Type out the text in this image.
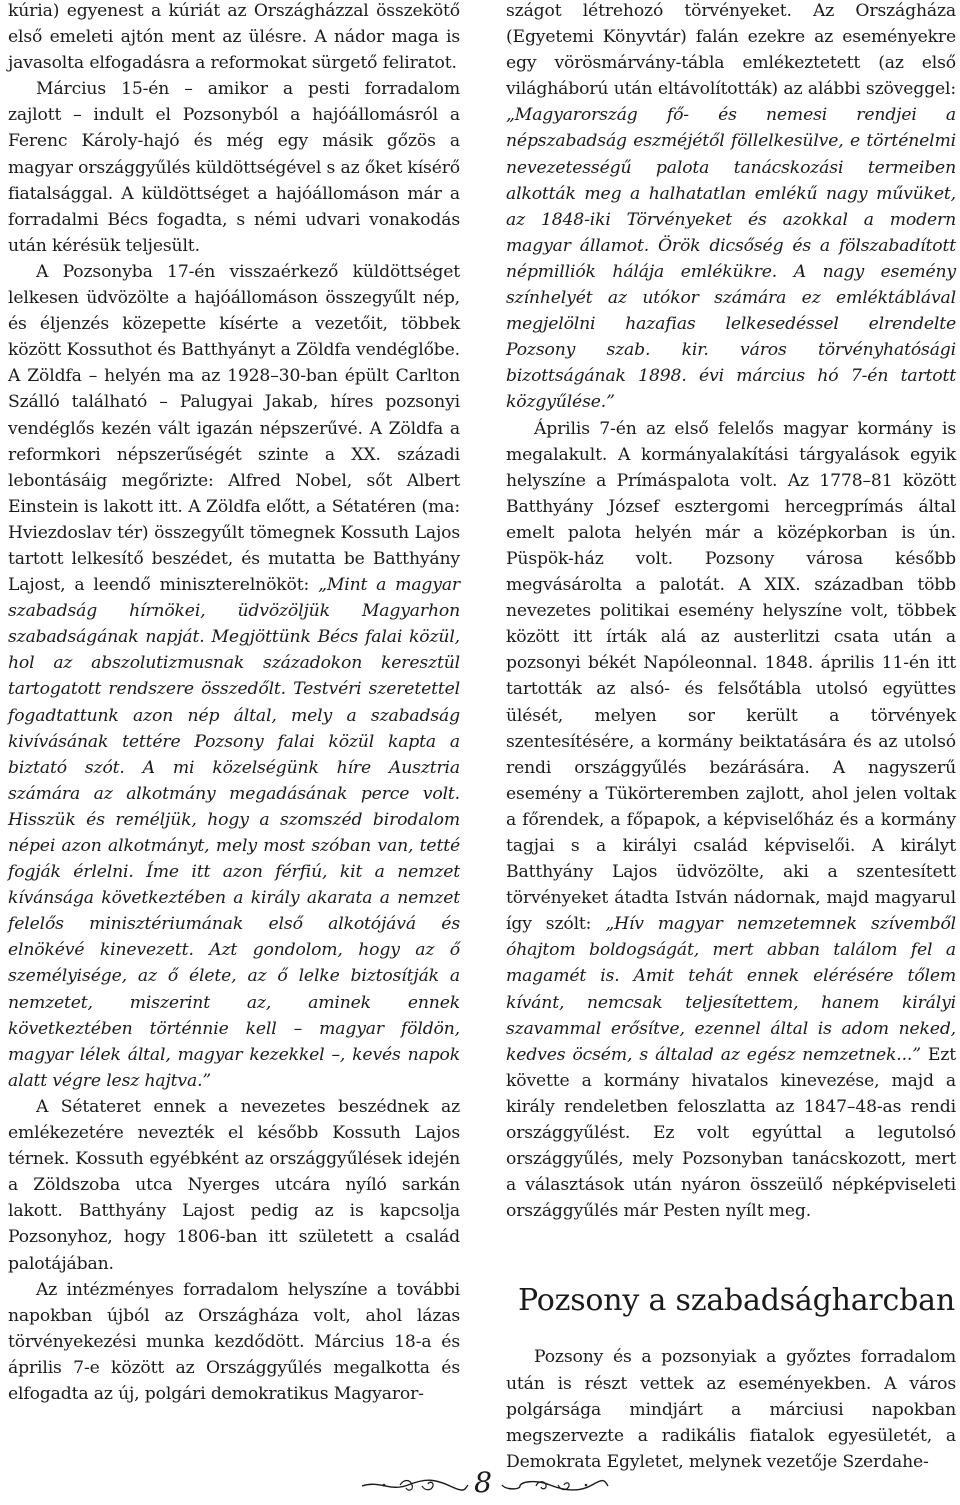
kúria) egyenest a kúriát az Országházzal összekötő első emeleti ajtón ment az ülésre. A nádor maga is javasolta elfogadásra a reformokat sürgető feliratot.

Március 15-én – amikor a pesti forradalom zajlott – indult el Pozsonyból a hajóállomásról a Ferenc Károly-hajó és még egy másik gőzös a magyar országgyűlés küldöttségével s az őket kísérő fiatalsággal. A küldöttséget a hajóállomáson már a forradalmi Bécs fogadta, s némi udvari vonakodás után kérésük teljesült.

A Pozsonyba 17-én visszaérkező küldöttséget lelkesen üdvözölte a hajóállomáson összegyűlt nép, és éljenzés közepette kísérte a vezetőit, többek között Kossuthot és Batthyányt a Zöldfa vendéglőbe. A Zöldfa – helyén ma az 1928–30-ban épült Carlton Szálló található – Palugyai Jakab, híres pozsonyi vendéglős kezén vált igazán népszerűvé. A Zöldfa a reformkori népszerűségét szinte a XX. századi lebontásáig megőrizte: Alfred Nobel, sőt Albert Einstein is lakott itt. A Zöldfa előtt, a Sétatéren (ma: Hviezdoslav tér) összegyűlt tömegnek Kossuth Lajos tartott lelkesítő beszédet, és mutatta be Batthyány Lajost, a leendő miniszterelnököt: „Mint a magyar szabadság hírnökei, üdvözöljük Magyarhon szabadságának napját. Megjöttünk Bécs falai közül, hol az abszolutizmusnak századokon keresztül tartogatott rendszere összedőlt. Testvéri szeretettel fogadtattunk azon nép által, mely a szabadság kivívásának tettére Pozsony falai közül kapta a biztató szót. A mi közelségünk híre Ausztria számára az alkotmány megadásának perce volt. Hisszük és reméljük, hogy a szomszéd birodalom népei azon alkotmányt, mely most szóban van, tetté fogják érlelni. Íme itt azon férfiú, kit a nemzet kívánsága következtében a király akarata a nemzet felelős minisztériumának első alkotójává és elnökévé kinevezett. Azt gondolom, hogy az ő személyisége, az ő élete, az ő lelke biztosítják a nemzetet, miszerint az, aminek ennek következtében történnie kell – magyar földön, magyar lélek által, magyar kezekkel –, kevés napok alatt végre lesz hajtva.”

A Sétateret ennek a nevezetes beszédnek az emlékezetére nevezték el később Kossuth Lajos térnek. Kossuth egyébként az országgyűlések idején a Zöldszoba utca Nyerges utcára nyíló sarkán lakott. Batthyány Lajost pedig az is kapcsolja Pozsonyhoz, hogy 1806-ban itt született a család palotájában.

Az intézményes forradalom helyszíne a további napokban újból az Országháza volt, ahol lázas törvényekezési munka kezdődött. Március 18-a és április 7-e között az Országgyűlés megalkotta és elfogadta az új, polgári demokratikus Magyaror-

szágot létrehozó törvényeket. Az Országháza (Egyetemi Könyvtár) falán ezekre az eseményekre egy vörösmárvány-tábla emlékeztetett (az első világháború után eltávolították) az alábbi szöveggel: „Magyarország fő- és nemesi rendjei a népszabadság eszméjétől föllelkesülve, e történelmi nevezetességű palota tanácskozási termeiben alkották meg a halhatatlan emlékű nagy művüket, az 1848-iki Törvényeket és azokkal a modern magyar államot. Örök dicsőség és a fölszabadított népmilliók hálája emlékükre. A nagy esemény színhelyét az utókor számára ez emléktáblával megjelölni hazafias lelkesedéssel elrendelte Pozsony szab. kir. város törvényhatósági bizottságának 1898. évi március hó 7-én tartott közgyűlése.”

Április 7-én az első felelős magyar kormány is megalakult. A kormányalakítási tárgyalások egyik helyszíne a Prímáspalota volt. Az 1778–81 között Batthyány József esztergomi hercegprímás által emelt palota helyén már a középkorban is ún. Püspök-ház volt. Pozsony városa később megvásárolta a palotát. A XIX. században több nevezetes politikai esemény helyszíne volt, többek között itt írták alá az austerlitzi csata után a pozsonyi békét Napóleonnal. 1848. április 11-én itt tartották az alsó- és felsőtábla utolsó együttes ülését, melyen sor került a törvények szentesítésére, a kormány beiktatására és az utolsó rendi országgyűlés bezárására. A nagyszerű esemény a Tükörteremben zajlott, ahol jelen voltak a főrendek, a főpapok, a képviselőház és a kormány tagjai s a királyi család képviselői. A királyt Batthyány Lajos üdvözölte, aki a szentesített törvényeket átadta István nádornak, majd magyarul így szólt: „Hív magyar nemzetemnek szívemből óhajtom boldogságát, mert abban találom fel a magamét is. Amit tehát ennek elérésére tőlem kívánt, nemcsak teljesítettem, hanem királyi szavammal erősítve, ezennel által is adom neked, kedves öcsém, s általad az egész nemzetnek...” Ezt követte a kormány hivatalos kinevezése, majd a király rendeletben feloszlatta az 1847–48-as rendi országgyűlést. Ez volt egyúttal a legutolsó országgyűlés, mely Pozsonyban tanácskozott, mert a választások után nyáron összeülő népképviseleti országgyűlés már Pesten nyílt meg.

Pozsony a szabadságharcban

Pozsony és a pozsonyiak a győztes forradalom után is részt vettek az eseményekben. A város polgársága mindjárt a márciusi napokban megszervezte a radikális fiatalok egyesületét, a Demokrata Egyletet, melynek vezetője Szerdahe-

8
